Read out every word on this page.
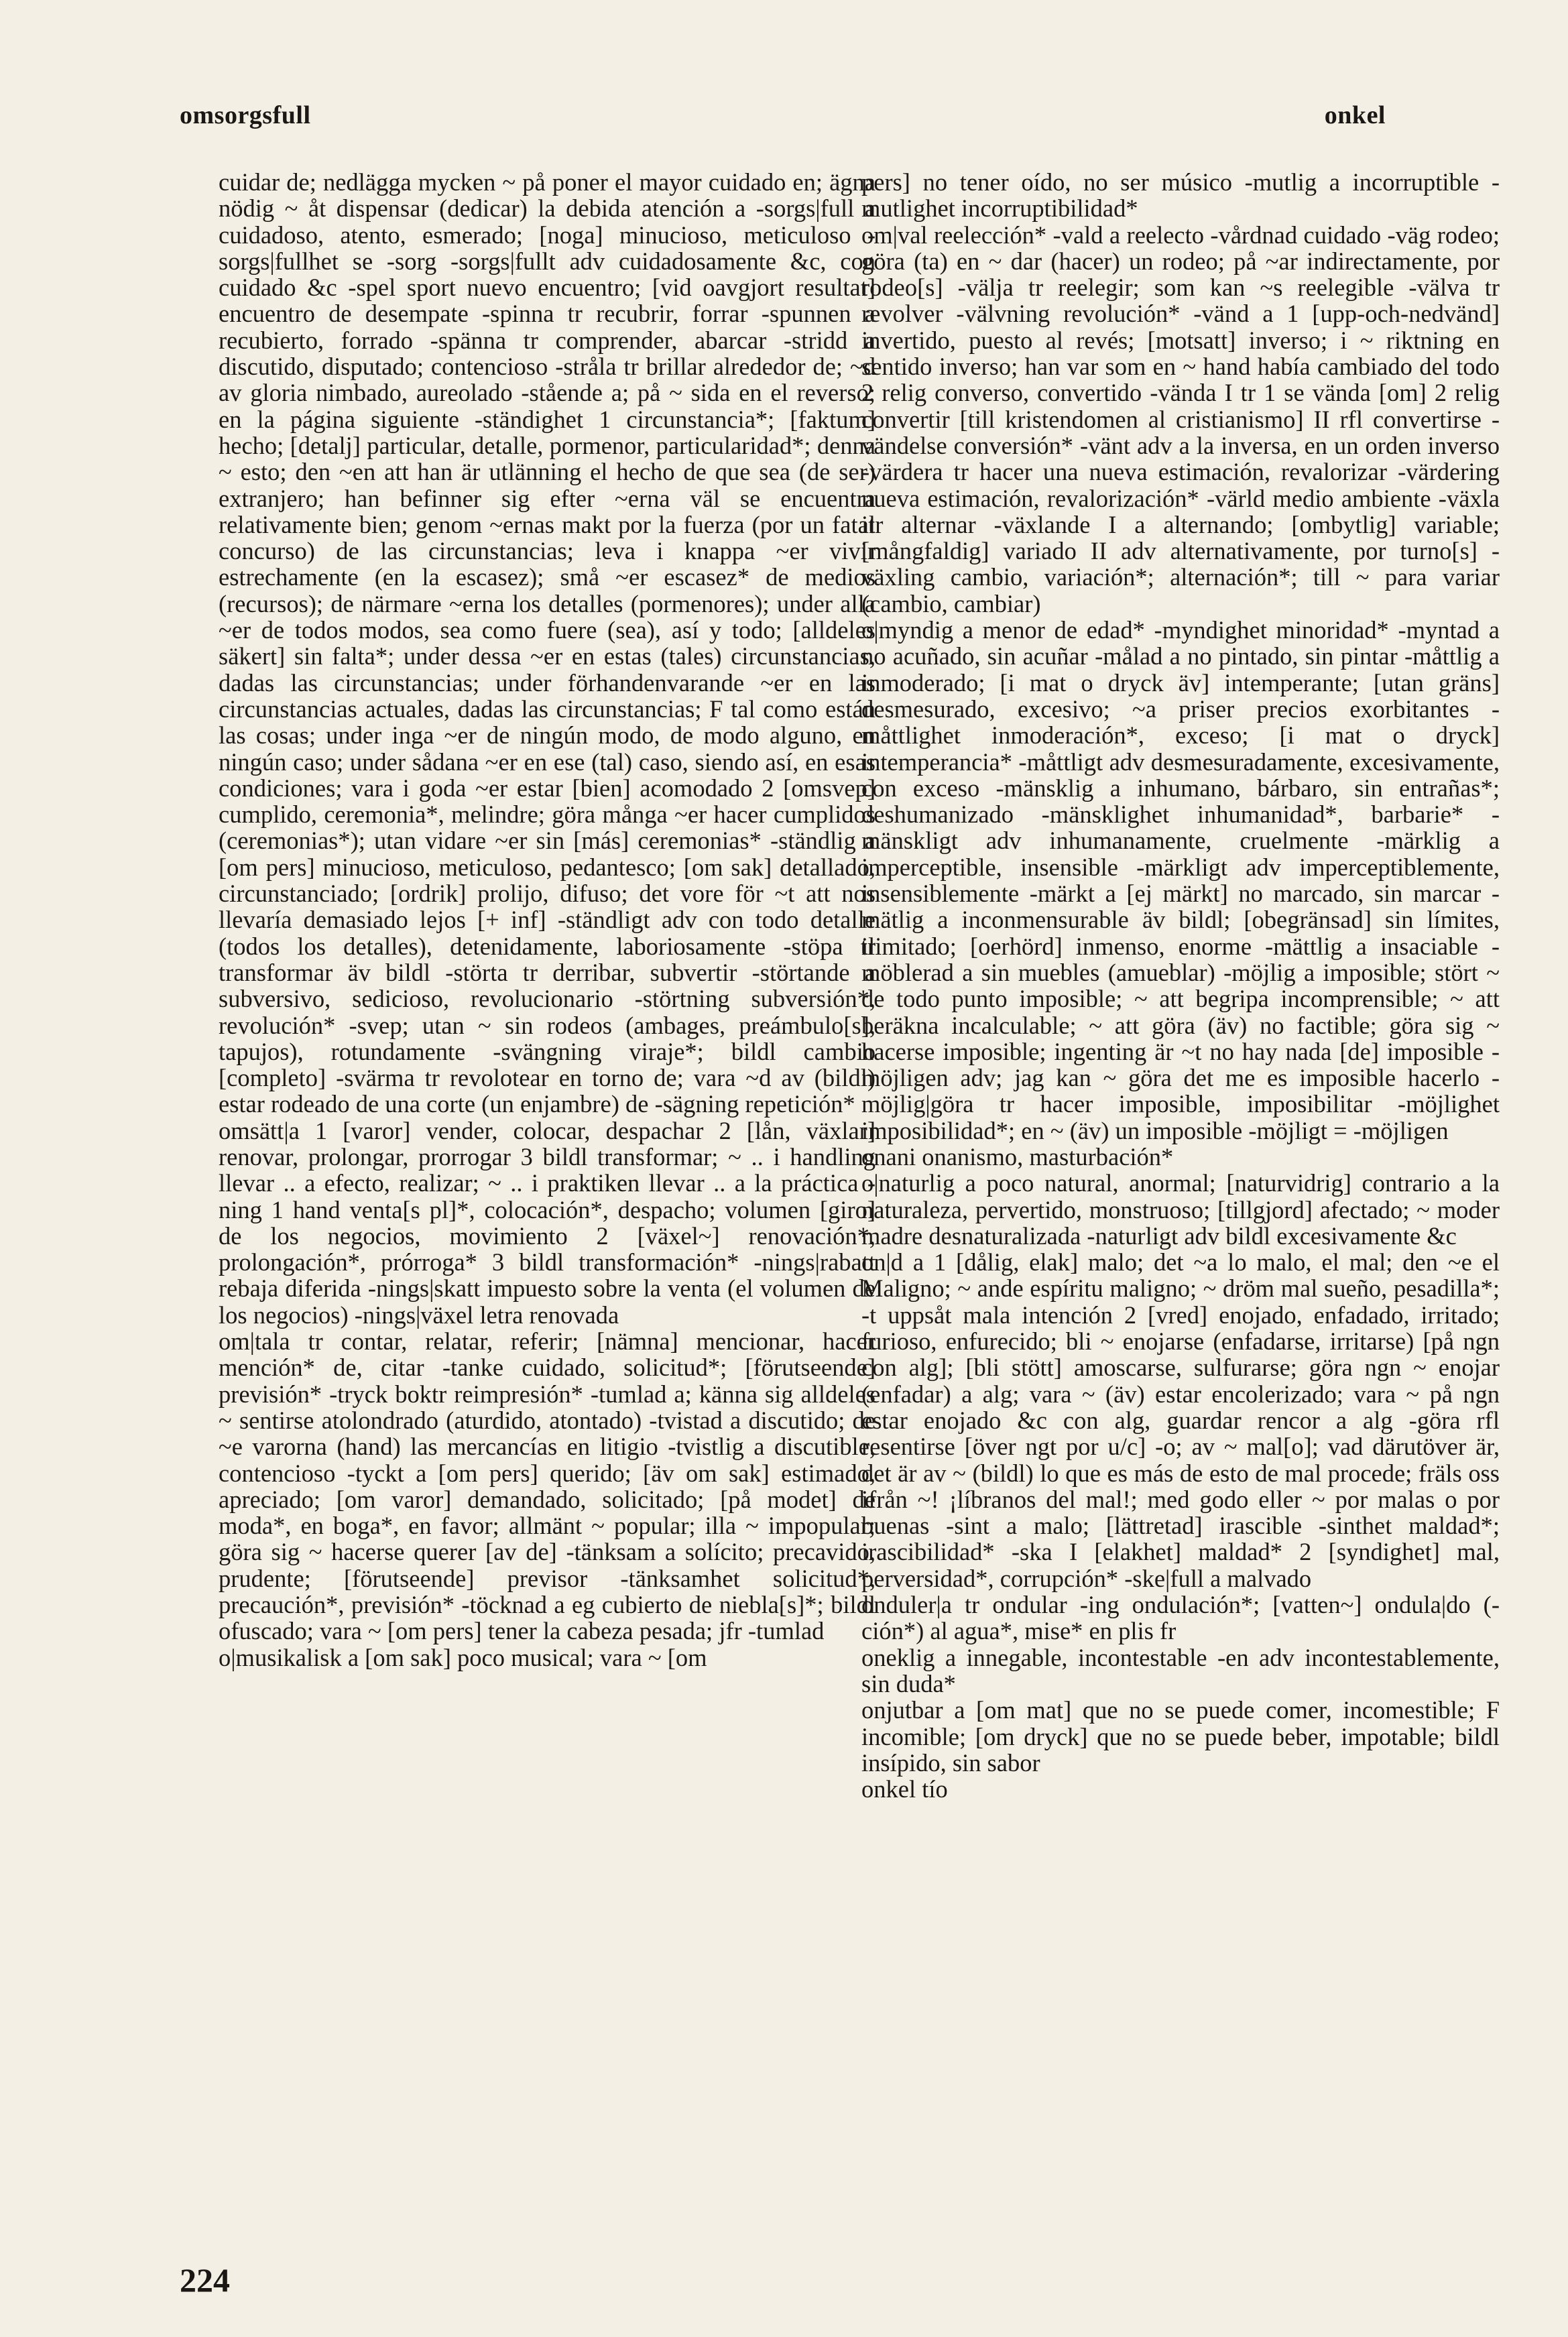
omsorgsfull	onkel

cuidar de; nedlägga mycken ~ på poner el mayor cuidado en; ägna nödig ~ åt dispensar (dedicar) la debida atención a -sorgs|full a cuidadoso, atento, esmerado; [noga] minucioso, meticuloso -sorgs|fullhet se -sorg -sorgs|fullt adv cuidadosamente &c, con cuidado &c -spel sport nuevo encuentro; [vid oavgjort resultat] encuentro de desempate -spinna tr recubrir, forrar -spunnen a recubierto, forrado -spänna tr comprender, abarcar -stridd a discutido, disputado; contencioso -stråla tr brillar alrededor de; ~d av gloria nimbado, aureolado -stående a; på ~ sida en el reverso; en la página siguiente -ständighet 1 circunstancia*; [faktum] hecho; [detalj] particular, detalle, pormenor, particularidad*; denna ~ esto; den ~en att han är utlänning el hecho de que sea (de ser) extranjero; han befinner sig efter ~erna väl se encuentra relativamente bien; genom ~ernas makt por la fuerza (por un fatal concurso) de las circunstancias; leva i knappa ~er vivir estrechamente (en la escasez); små ~er escasez* de medios (recursos); de närmare ~erna los detalles (pormenores); under alla ~er de todos modos, sea como fuere (sea), así y todo; [alldeles säkert] sin falta*; under dessa ~er en estas (tales) circunstancias, dadas las circunstancias; under förhandenvarande ~er en las circunstancias actuales, dadas las circunstancias; F tal como están las cosas; under inga ~er de ningún modo, de modo alguno, en ningún caso; under sådana ~er en ese (tal) caso, siendo así, en esas condiciones; vara i goda ~er estar [bien] acomodado 2 [omsvep] cumplido, ceremonia*, melindre; göra många ~er hacer cumplidos (ceremonias*); utan vidare ~er sin [más] ceremonias* -ständlig a [om pers] minucioso, meticuloso, pedantesco; [om sak] detallado, circunstanciado; [ordrik] prolijo, difuso; det vore för ~t att nos llevaría demasiado lejos [+ inf] -ständligt adv con todo detalle (todos los detalles), detenidamente, laboriosamente -stöpa tr transformar äv bildl -störta tr derribar, subvertir -störtande a subversivo, sedicioso, revolucionario -störtning subversión*, revolución* -svep; utan ~ sin rodeos (ambages, preámbulo[s], tapujos), rotundamente -svängning viraje*; bildl cambio [completo] -svärma tr revolotear en torno de; vara ~d av (bildl) estar rodeado de una corte (un enjambre) de -sägning repetición*

omsätt|a 1 [varor] vender, colocar, despachar 2 [lån, växlar] renovar, prolongar, prorrogar 3 bildl transformar; ~ .. i handling llevar .. a efecto, realizar; ~ .. i praktiken llevar .. a la práctica -ning 1 hand venta[s pl]*, colocación*, despacho; volumen [giro] de los negocios, movimiento 2 [växel~] renovación*, prolongación*, prórroga* 3 bildl transformación* -nings|rabatt rebaja diferida -nings|skatt impuesto sobre la venta (el volumen de los negocios) -nings|växel letra renovada

om|tala tr contar, relatar, referir; [nämna] mencionar, hacer mención* de, citar -tanke cuidado, solicitud*; [förutseende] previsión* -tryck boktr reimpresión* -tumlad a; känna sig alldeles ~ sentirse atolondrado (aturdido, atontado) -tvistad a discutido; de ~e varorna (hand) las mercancías en litigio -tvistlig a discutible, contencioso -tyckt a [om pers] querido; [äv om sak] estimado, apreciado; [om varor] demandado, solicitado; [på modet] de moda*, en boga*, en favor; allmänt ~ popular; illa ~ impopular; göra sig ~ hacerse querer [av de] -tänksam a solícito; precavido, prudente; [förutseende] previsor -tänksamhet solicitud*, precaución*, previsión* -töcknad a eg cubierto de niebla[s]*; bildl ofuscado; vara ~ [om pers] tener la cabeza pesada; jfr -tumlad

o|musikalisk a [om sak] poco musical; vara ~ [om

pers] no tener oído, no ser músico -mutlig a incorruptible -mutlighet incorruptibilidad*

om|val reelección* -vald a reelecto -vårdnad cuidado -väg rodeo; göra (ta) en ~ dar (hacer) un rodeo; på ~ar indirectamente, por rodeo[s] -välja tr reelegir; som kan ~s reelegible -välva tr revolver -välvning revolución* -vänd a 1 [upp-och-nedvänd] invertido, puesto al revés; [motsatt] inverso; i ~ riktning en sentido inverso; han var som en ~ hand había cambiado del todo 2 relig converso, convertido -vända I tr 1 se vända [om] 2 relig convertir [till kristendomen al cristianismo] II rfl convertirse -vändelse conversión* -vänt adv a la inversa, en un orden inverso -värdera tr hacer una nueva estimación, revalorizar -värdering nueva estimación, revalorización* -värld medio ambiente -växla itr alternar -växlande I a alternando; [ombytlig] variable; [mångfaldig] variado II adv alternativamente, por turno[s] -växling cambio, variación*; alternación*; till ~ para variar (cambio, cambiar)

o|myndig a menor de edad* -myndighet minoridad* -myntad a no acuñado, sin acuñar -målad a no pintado, sin pintar -måttlig a inmoderado; [i mat o dryck äv] intemperante; [utan gräns] desmesurado, excesivo; ~a priser precios exorbitantes -måttlighet inmoderación*, exceso; [i mat o dryck] intemperancia* -måttligt adv desmesuradamente, excesivamente, con exceso -mänsklig a inhumano, bárbaro, sin entrañas*; deshumanizado -mänsklighet inhumanidad*, barbarie* -mänskligt adv inhumanamente, cruelmente -märklig a imperceptible, insensible -märkligt adv imperceptiblemente, insensiblemente -märkt a [ej märkt] no marcado, sin marcar -mätlig a inconmensurable äv bildl; [obegränsad] sin límites, ilimitado; [oerhörd] inmenso, enorme -mättlig a insaciable -möblerad a sin muebles (amueblar) -möjlig a imposible; stört ~ de todo punto imposible; ~ att begripa incomprensible; ~ att beräkna incalculable; ~ att göra (äv) no factible; göra sig ~ hacerse imposible; ingenting är ~t no hay nada [de] imposible -möjligen adv; jag kan ~ göra det me es imposible hacerlo -möjlig|göra tr hacer imposible, imposibilitar -möjlighet imposibilidad*; en ~ (äv) un imposible -möjligt = -möjligen

onani onanismo, masturbación*

o|naturlig a poco natural, anormal; [naturvidrig] contrario a la naturaleza, pervertido, monstruoso; [tillgjord] afectado; ~ moder madre desnaturalizada -naturligt adv bildl excesivamente &c

on|d a 1 [dålig, elak] malo; det ~a lo malo, el mal; den ~e el Maligno; ~ ande espíritu maligno; ~ dröm mal sueño, pesadilla*; -t uppsåt mala intención 2 [vred] enojado, enfadado, irritado; furioso, enfurecido; bli ~ enojarse (enfadarse, irritarse) [på ngn con alg]; [bli stött] amoscarse, sulfurarse; göra ngn ~ enojar (enfadar) a alg; vara ~ (äv) estar encolerizado; vara ~ på ngn estar enojado &c con alg, guardar rencor a alg -göra rfl resentirse [över ngt por u/c] -o; av ~ mal[o]; vad därutöver är, det är av ~ (bildl) lo que es más de esto de mal procede; fräls oss ifrån ~! ¡líbranos del mal!; med godo eller ~ por malas o por buenas -sint a malo; [lättretad] irascible -sinthet maldad*; irascibilidad* -ska I [elakhet] maldad* 2 [syndighet] mal, perversidad*, corrupción* -ske|full a malvado

onduler|a tr ondular -ing ondulación*; [vatten~] ondula|do (-ción*) al agua*, mise* en plis fr

oneklig a innegable, incontestable -en adv incontestablemente, sin duda*

onjutbar a [om mat] que no se puede comer, incomestible; F incomible; [om dryck] que no se puede beber, impotable; bildl insípido, sin sabor

onkel tío

224
